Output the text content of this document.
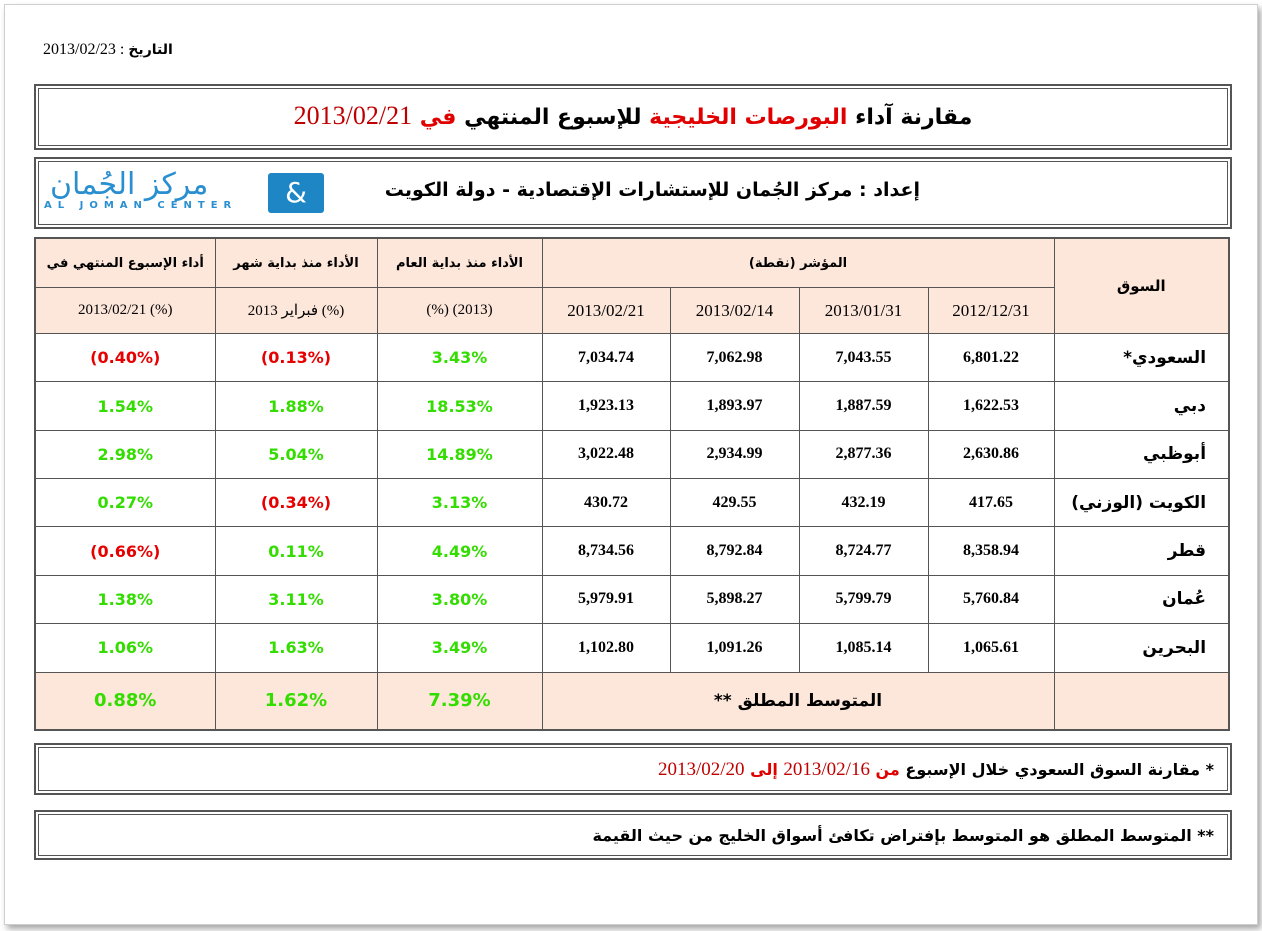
التاريخ : 2013/02/23
مقارنة آداء البورصات الخليجية للإسبوع المنتهي في 2013/02/21
إعداد : مركز الجُمان للإستشارات الإقتصادية - دولة الكويت
مركز الجُمان
AL JOMAN CENTER	&
أداء الإسبوع المنتهي في	الأداء منذ بداية شهر	الأداء منذ بداية العام	المؤشر (نقطة)				السوق
2013/02/21 (%)	فبراير 2013 (%)	(%) (2013)	2013/02/21	2013/02/14	2013/01/31	2012/12/31	
(0.40%)	(0.13%)	3.43%	7,034.74	7,062.98	7,043.55	6,801.22	السعودي*
1.54%	1.88%	18.53%	1,923.13	1,893.97	1,887.59	1,622.53	دبي
2.98%	5.04%	14.89%	3,022.48	2,934.99	2,877.36	2,630.86	أبوظبي
0.27%	(0.34%)	3.13%	430.72	429.55	432.19	417.65	الكويت (الوزني)
(0.66%)	0.11%	4.49%	8,734.56	8,792.84	8,724.77	8,358.94	قطر
1.38%	3.11%	3.80%	5,979.91	5,898.27	5,799.79	5,760.84	عُمان
1.06%	1.63%	3.49%	1,102.80	1,091.26	1,085.14	1,065.61	البحرين
0.88%	1.62%	7.39%	المتوسط المطلق **				
* مقارنة السوق السعودي خلال الإسبوع من 2013/02/16 إلى 2013/02/20
** المتوسط المطلق هو المتوسط بإفتراض تكافئ أسواق الخليج من حيث القيمة
